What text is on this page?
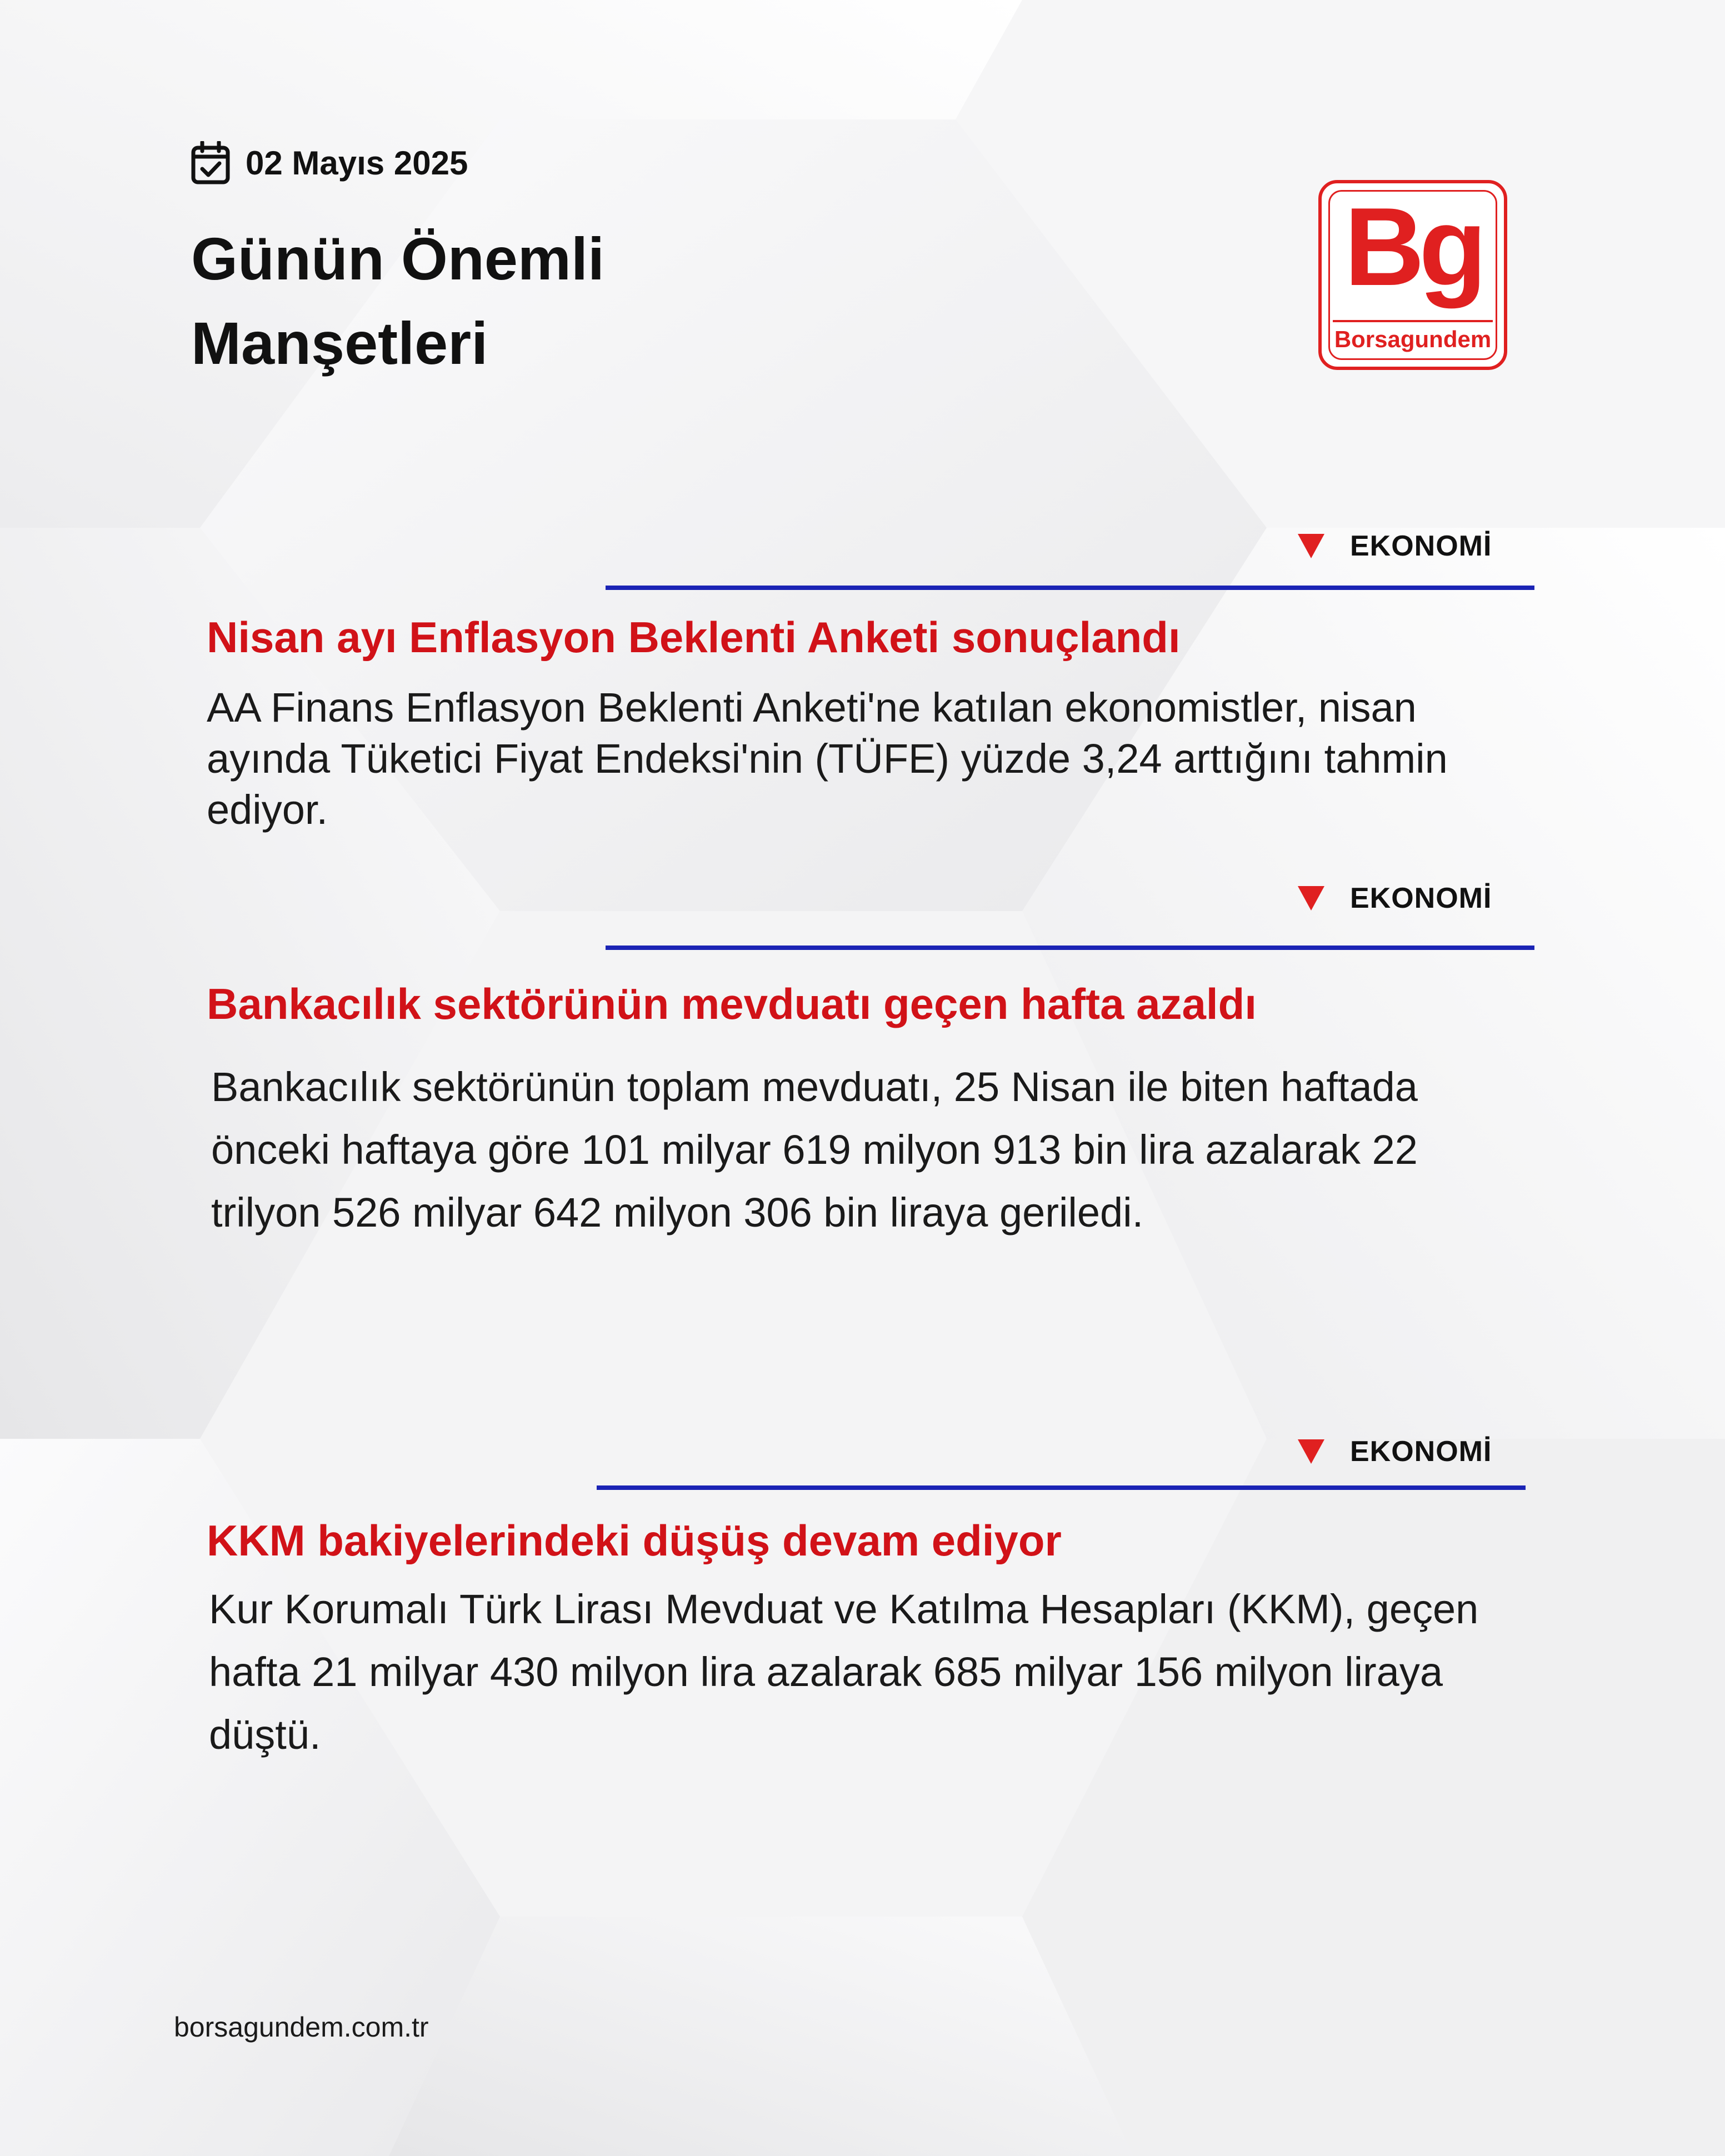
02 Mayıs 2025
Günün Önemli Manşetleri
Bg
Borsagundem
EKONOMİ
Nisan ayı Enflasyon Beklenti Anketi sonuçlandı

AA Finans Enflasyon Beklenti Anketi'ne katılan ekonomistler, nisan ayında Tüketici Fiyat Endeksi'nin (TÜFE) yüzde 3,24 arttığını tahmin ediyor.

EKONOMİ
Bankacılık sektörünün mevduatı geçen hafta azaldı

Bankacılık sektörünün toplam mevduatı, 25 Nisan ile biten haftada önceki haftaya göre 101 milyar 619 milyon 913 bin lira azalarak 22 trilyon 526 milyar 642 milyon 306 bin liraya geriledi.

EKONOMİ
KKM bakiyelerindeki düşüş devam ediyor

Kur Korumalı Türk Lirası Mevduat ve Katılma Hesapları (KKM), geçen hafta 21 milyar 430 milyon lira azalarak 685 milyar 156 milyon liraya düştü.

borsagundem.com.tr
